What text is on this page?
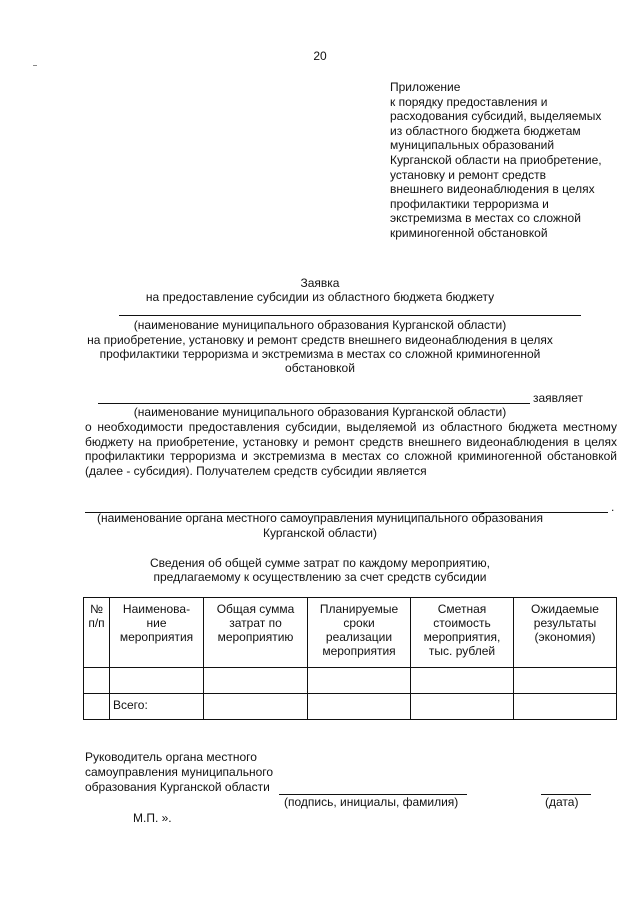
20
Приложение
к порядку предоставления и
расходования субсидий, выделяемых
из областного бюджета бюджетам
муниципальных образований
Курганской области на приобретение,
установку и ремонт средств
внешнего видеонаблюдения в целях
профилактики терроризма и
экстремизма в местах со сложной
криминогенной обстановкой
Заявка
на предоставление субсидии из областного бюджета бюджету
(наименование муниципального образования Курганской области)
на приобретение, установку и ремонт средств внешнего видеонаблюдения в целях
профилактики терроризма и экстремизма в местах со сложной криминогенной
обстановкой
заявляет
(наименование муниципального образования Курганской области)
о необходимости предоставления субсидии, выделяемой из областного бюджета местному бюджету на приобретение, установку и ремонт средств внешнего видеонаблюдения в целях профилактики терроризма и экстремизма в местах со сложной криминогенной обстановкой (далее - субсидия). Получателем средств субсидии является
.
(наименование органа местного самоуправления муниципального образования
Курганской области)
Сведения об общей сумме затрат по каждому мероприятию,
предлагаемому к осуществлению за счет средств субсидии
№ п/п	Наименова-ние мероприятия	Общая сумма затрат по мероприятию	Планируемые сроки реализации мероприятия	Сметная стоимость мероприятия, тыс. рублей	Ожидаемые результаты (экономия)

	Всего:				
Руководитель органа местного
самоуправления муниципального
образования Курганской области
(подпись, инициалы, фамилия)	(дата)
М.П. ».
